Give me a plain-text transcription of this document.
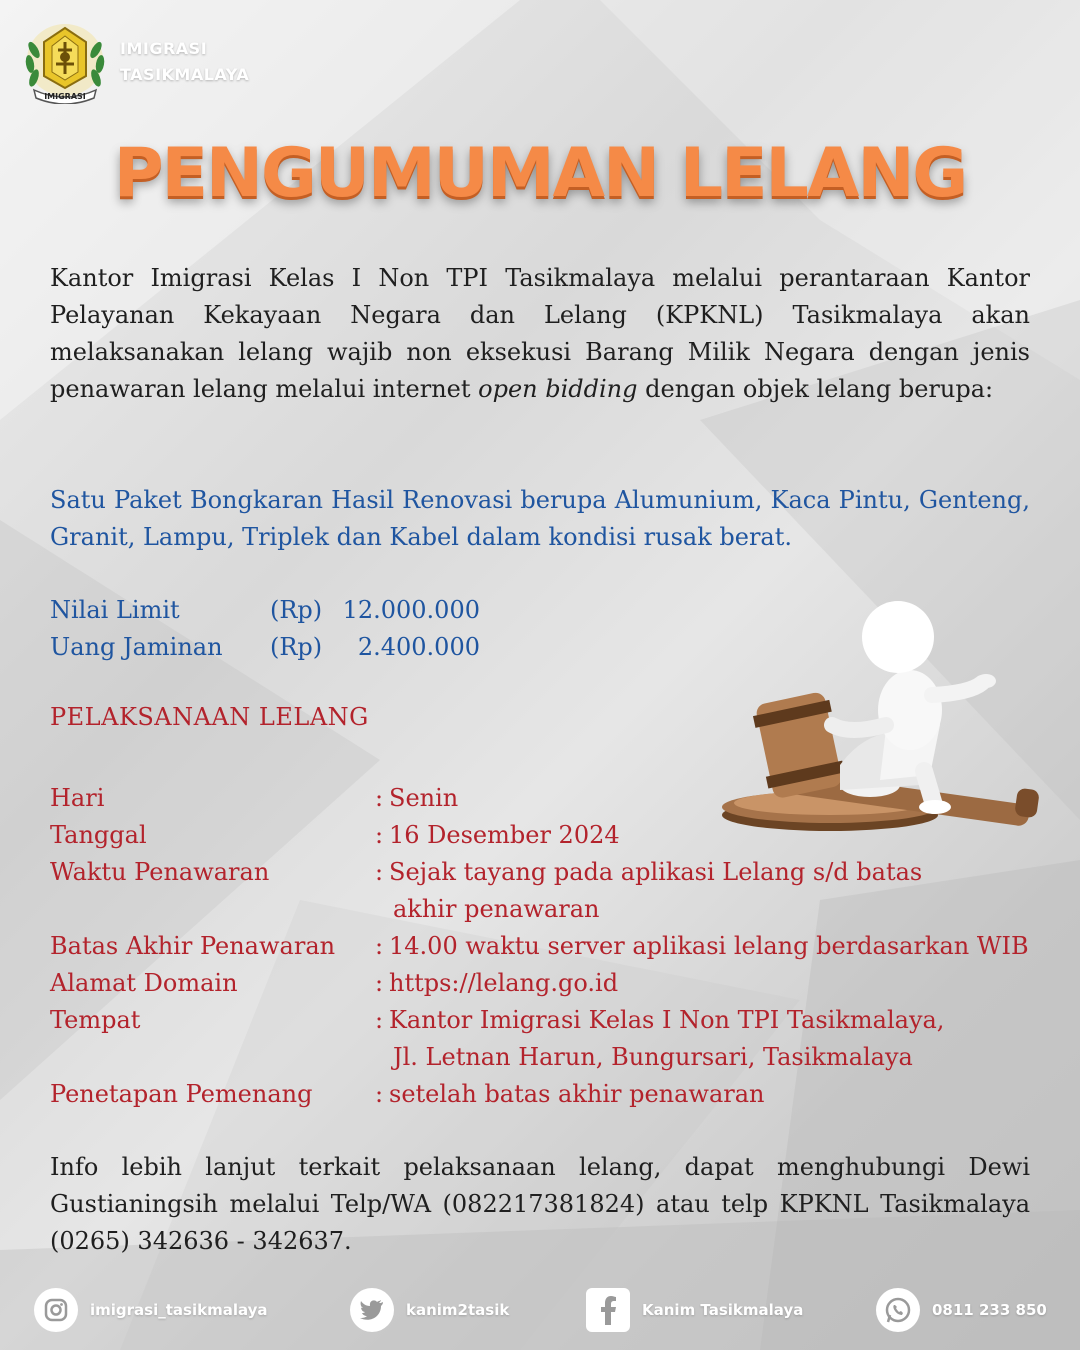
IMIGRASI
IMIGRASI
TASIKMALAYA
PENGUMUMAN LELANG

Kantor Imigrasi Kelas I Non TPI Tasikmalaya melalui perantaraan Kantor Pelayanan Kekayaan Negara dan Lelang (KPKNL) Tasikmalaya akan melaksanakan lelang wajib non eksekusi Barang Milik Negara dengan jenis penawaran lelang melalui internet open bidding dengan objek lelang berupa:

Satu Paket Bongkaran Hasil Renovasi berupa Alumunium, Kaca Pintu, Genteng, Granit, Lampu, Triplek dan Kabel dalam kondisi rusak berat.

Nilai Limit	(Rp) 12.000.000
Uang Jaminan	(Rp)	2.400.000
PELAKSANAAN LELANG
Hari	: Senin
Tanggal	: 16 Desember 2024
Waktu Penawaran	: Sejak tayang pada aplikasi Lelang s/d batas
akhir penawaran
Batas Akhir Penawaran	: 14.00 waktu server aplikasi lelang berdasarkan WIB
Alamat Domain	: https://lelang.go.id
Tempat	: Kantor Imigrasi Kelas I Non TPI Tasikmalaya,
Jl. Letnan Harun, Bungursari, Tasikmalaya
Penetapan Pemenang	: setelah batas akhir penawaran

Info lebih lanjut terkait pelaksanaan lelang, dapat menghubungi Dewi Gustianingsih melalui Telp/WA (082217381824) atau telp KPKNL Tasikmalaya (0265) 342636 - 342637.

imigrasi_tasikmalaya	kanim2tasik	Kanim Tasikmalaya	0811 233 850
